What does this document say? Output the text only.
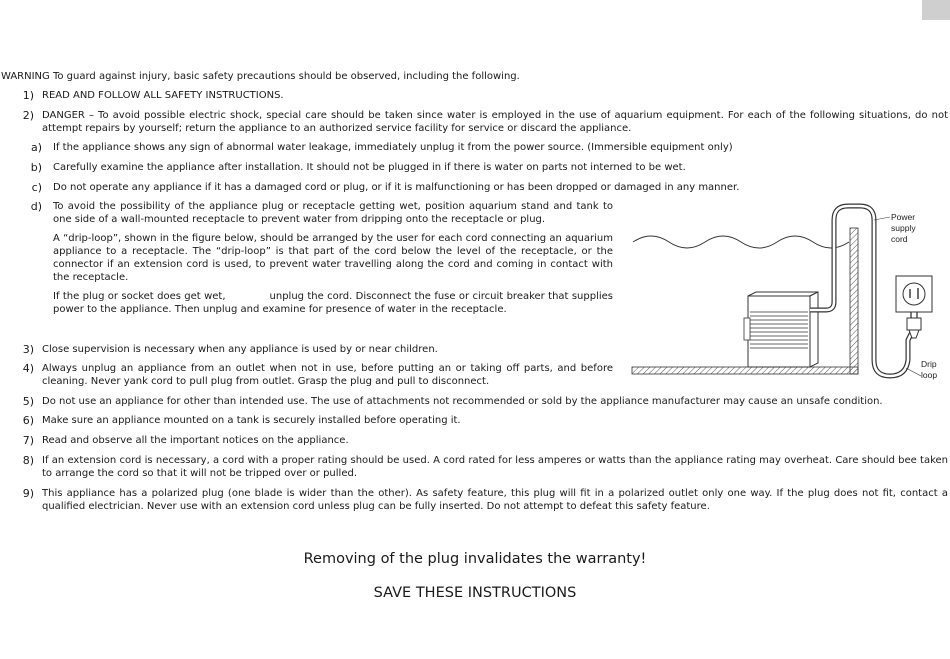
WARNING To guard against injury, basic safety precautions should be observed, including the following.
1) READ AND FOLLOW ALL SAFETY INSTRUCTIONS.
2) DANGER – To avoid possible electric shock, special care should be taken since water is employed in the use of aquarium equipment. For each of the following situations, do not attempt repairs by yourself; return the appliance to an authorized service facility for service or discard the appliance.
a) If the appliance shows any sign of abnormal water leakage, immediately unplug it from the power source. (Immersible equipment only)
b) Carefully examine the appliance after installation. It should not be plugged in if there is water on parts not interned to be wet.
c) Do not operate any appliance if it has a damaged cord or plug, or if it is malfunctioning or has been dropped or damaged in any manner.
d) To avoid the possibility of the appliance plug or receptacle getting wet, position aquarium stand and tank to one side of a wall-mounted receptacle to prevent water from dripping onto the receptacle or plug.

A “drip-loop”, shown in the figure below, should be arranged by the user for each cord connecting an aquarium appliance to a receptacle. The “drip-loop” is that part of the cord below the level of the receptacle, or the connector if an extension cord is used, to prevent water travelling along the cord and coming in contact with the receptacle.

If the plug or socket does get wet,	unplug the cord. Disconnect the fuse or circuit breaker that supplies power to the appliance. Then unplug and examine for presence of water in the receptacle.

3) Close supervision is necessary when any appliance is used by or near children.
4) Always unplug an appliance from an outlet when not in use, before putting an or taking off parts, and before cleaning. Never yank cord to pull plug from outlet. Grasp the plug and pull to disconnect.
5) Do not use an appliance for other than intended use. The use of attachments not recommended or sold by the appliance manufacturer may cause an unsafe condition.
6) Make sure an appliance mounted on a tank is securely installed before operating it.
7) Read and observe all the important notices on the appliance.
8) If an extension cord is necessary, a cord with a proper rating should be used. A cord rated for less amperes or watts than the appliance rating may overheat. Care should bee taken to arrange the cord so that it will not be tripped over or pulled.
9) This appliance has a polarized plug (one blade is wider than the other). As safety feature, this plug will fit in a polarized outlet only one way. If the plug does not fit, contact a qualified electrician. Never use with an extension cord unless plug can be fully inserted. Do not attempt to defeat this safety feature.
Power
supply
cord
Drip
loop
Removing of the plug invalidates the warranty!
SAVE THESE INSTRUCTIONS
